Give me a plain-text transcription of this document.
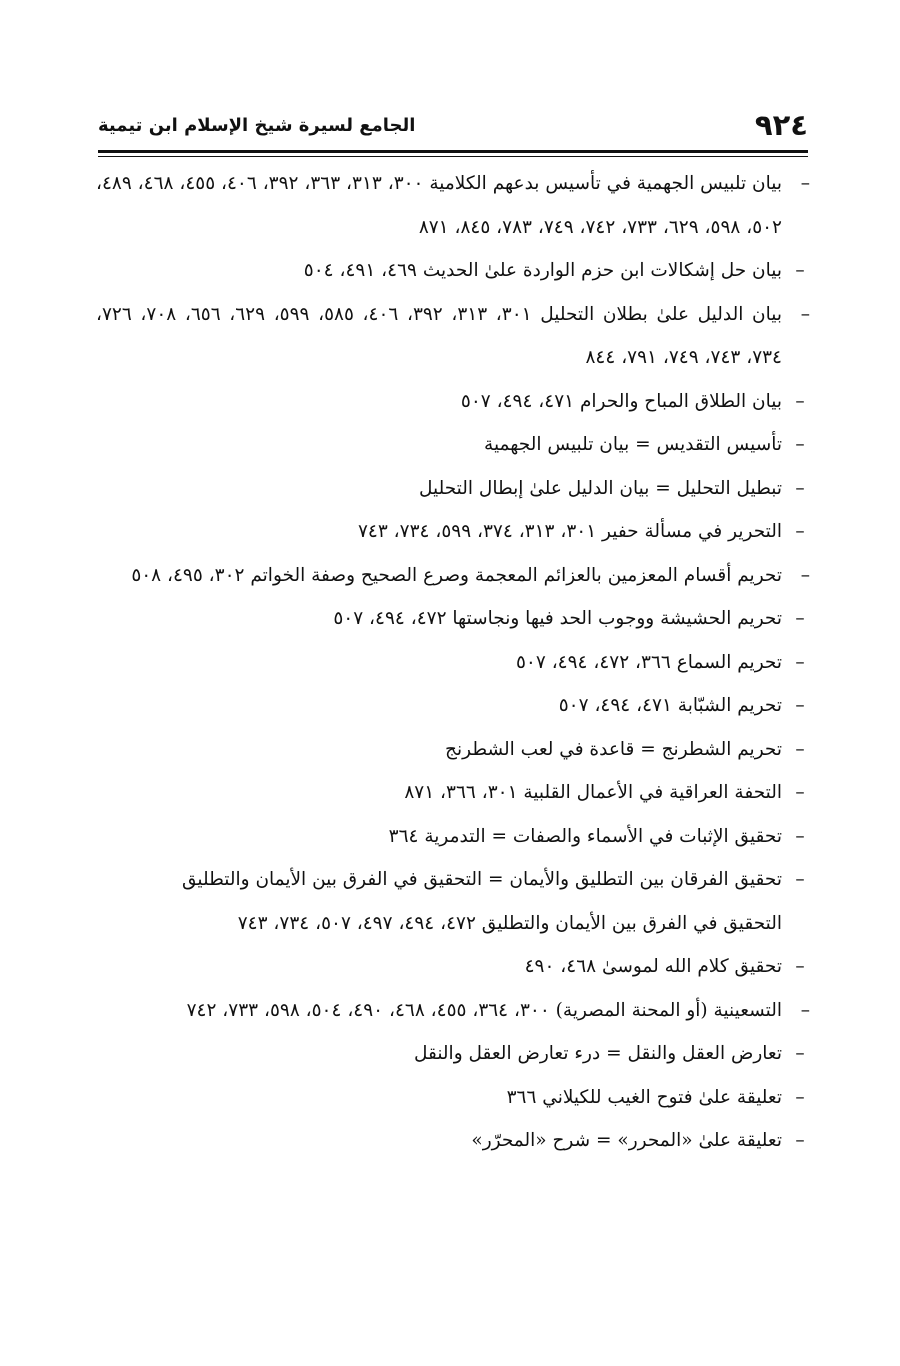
٩٢٤
الجامع لسيرة شيخ الإسلام ابن تيمية
–
بيان تلبيس الجهمية في تأسيس بدعهم الكلامية ٣٠٠، ٣١٣، ٣٦٣، ٣٩٢، ٤٠٦، ٤٥٥، ٤٦٨، ٤٨٩، ٥٠٢، ٥٩٨، ٦٢٩، ٧٣٣، ٧٤٢، ٧٤٩، ٧٨٣، ٨٤٥، ٨٧١
–
بيان حل إشكالات ابن حزم الواردة علىٰ الحديث ٤٦٩، ٤٩١، ٥٠٤
–
بيان الدليل علىٰ بطلان التحليل ٣٠١، ٣١٣، ٣٩٢، ٤٠٦، ٥٨٥، ٥٩٩، ٦٢٩، ٦٥٦، ٧٠٨، ٧٢٦، ٧٣٤، ٧٤٣، ٧٤٩، ٧٩١، ٨٤٤
–
بيان الطلاق المباح والحرام ٤٧١، ٤٩٤، ٥٠٧
–
تأسيس التقديس = بيان تلبيس الجهمية
–
تبطيل التحليل = بيان الدليل علىٰ إبطال التحليل
–
التحرير في مسألة حفير ٣٠١، ٣١٣، ٣٧٤، ٥٩٩، ٧٣٤، ٧٤٣
–
تحريم أقسام المعزمين بالعزائم المعجمة وصرع الصحيح وصفة الخواتم ٣٠٢، ٤٩٥، ٥٠٨
–
تحريم الحشيشة ووجوب الحد فيها ونجاستها ٤٧٢، ٤٩٤، ٥٠٧
–
تحريم السماع ٣٦٦، ٤٧٢، ٤٩٤، ٥٠٧
–
تحريم الشبّابة ٤٧١، ٤٩٤، ٥٠٧
–
تحريم الشطرنج = قاعدة في لعب الشطرنج
–
التحفة العراقية في الأعمال القلبية ٣٠١، ٣٦٦، ٨٧١
–
تحقيق الإثبات في الأسماء والصفات = التدمرية ٣٦٤
–
تحقيق الفرقان بين التطليق والأيمان = التحقيق في الفرق بين الأيمان والتطليق
التحقيق في الفرق بين الأيمان والتطليق ٤٧٢، ٤٩٤، ٤٩٧، ٥٠٧، ٧٣٤، ٧٤٣
–
تحقيق كلام الله لموسىٰ ٤٦٨، ٤٩٠
–
التسعينية (أو المحنة المصرية) ٣٠٠، ٣٦٤، ٤٥٥، ٤٦٨، ٤٩٠، ٥٠٤، ٥٩٨، ٧٣٣، ٧٤٢
–
تعارض العقل والنقل = درء تعارض العقل والنقل
–
تعليقة علىٰ فتوح الغيب للكيلاني ٣٦٦
–
تعليقة علىٰ «المحرر» = شرح «المحرّر»
